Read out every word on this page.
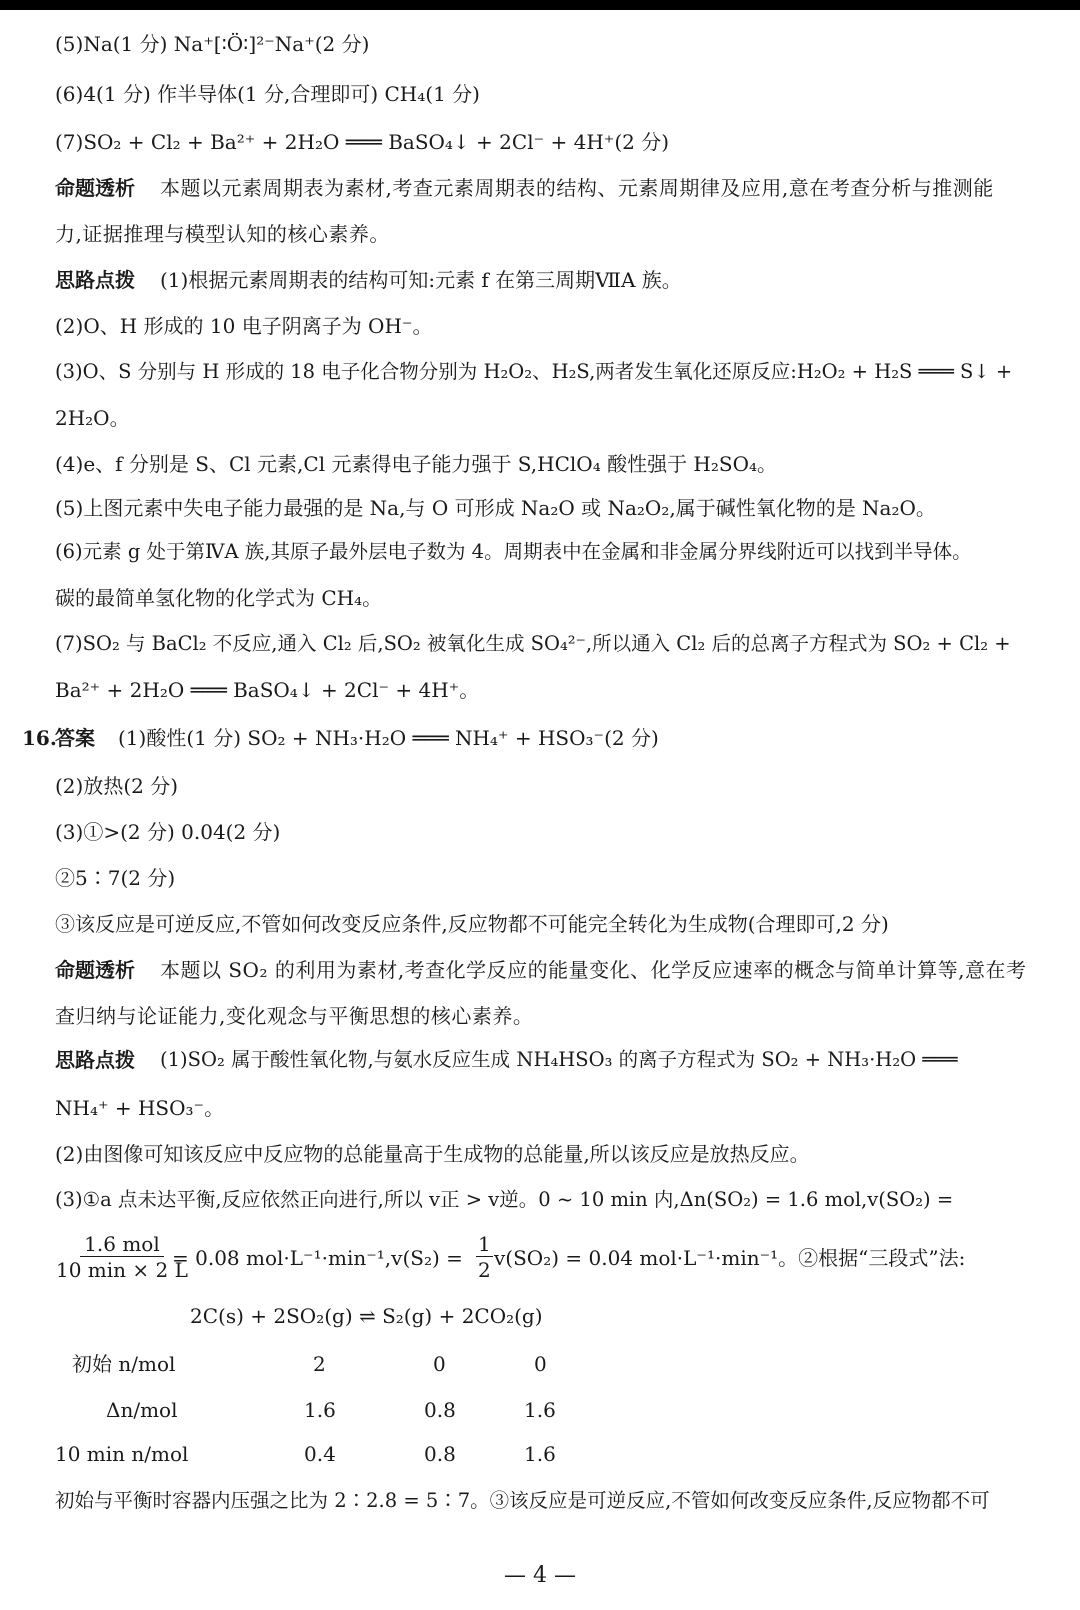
(5)Na(1 分) Na⁺[∶Ö∶]²⁻Na⁺(2 分)
(6)4(1 分) 作半导体(1 分,合理即可) CH₄(1 分)
(7)SO₂ + Cl₂ + Ba²⁺ + 2H₂O ═══ BaSO₄↓ + 2Cl⁻ + 4H⁺(2 分)
命题透析 本题以元素周期表为素材,考查元素周期表的结构、元素周期律及应用,意在考查分析与推测能
力,证据推理与模型认知的核心素养。
思路点拨 (1)根据元素周期表的结构可知:元素 f 在第三周期ⅦA 族。
(2)O、H 形成的 10 电子阴离子为 OH⁻。
(3)O、S 分别与 H 形成的 18 电子化合物分别为 H₂O₂、H₂S,两者发生氧化还原反应:H₂O₂ + H₂S ═══ S↓ +
2H₂O。
(4)e、f 分别是 S、Cl 元素,Cl 元素得电子能力强于 S,HClO₄ 酸性强于 H₂SO₄。
(5)上图元素中失电子能力最强的是 Na,与 O 可形成 Na₂O 或 Na₂O₂,属于碱性氧化物的是 Na₂O。
(6)元素 g 处于第ⅣA 族,其原子最外层电子数为 4。周期表中在金属和非金属分界线附近可以找到半导体。
碳的最简单氢化物的化学式为 CH₄。
(7)SO₂ 与 BaCl₂ 不反应,通入 Cl₂ 后,SO₂ 被氧化生成 SO₄²⁻,所以通入 Cl₂ 后的总离子方程式为 SO₂ + Cl₂ +
Ba²⁺ + 2H₂O ═══ BaSO₄↓ + 2Cl⁻ + 4H⁺。
16.
答案 (1)酸性(1 分) SO₂ + NH₃·H₂O ═══ NH₄⁺ + HSO₃⁻(2 分)
(2)放热(2 分)
(3)①>(2 分) 0.04(2 分)
②5∶7(2 分)
③该反应是可逆反应,不管如何改变反应条件,反应物都不可能完全转化为生成物(合理即可,2 分)
命题透析 本题以 SO₂ 的利用为素材,考查化学反应的能量变化、化学反应速率的概念与简单计算等,意在考
查归纳与论证能力,变化观念与平衡思想的核心素养。
思路点拨 (1)SO₂ 属于酸性氧化物,与氨水反应生成 NH₄HSO₃ 的离子方程式为 SO₂ + NH₃·H₂O ═══
NH₄⁺ + HSO₃⁻。
(2)由图像可知该反应中反应物的总能量高于生成物的总能量,所以该反应是放热反应。
(3)①a 点未达平衡,反应依然正向进行,所以 v正 > v逆。0 ~ 10 min 内,Δn(SO₂) = 1.6 mol,v(SO₂) =
1.6 mol
10 min × 2 L
= 0.08 $mol\cdot L^{-1}\cdot\min^{-1},v(S_2) = \frac{1}{2} v(SO_2) = 0.04$ mol·L⁻¹·min⁻¹。②根据“三段式”法:
2C(s) + 2SO₂(g) ⇌ S₂(g) + 2CO₂(g)
初始 n/mol	2	0	0
Δn/mol	1.6	0.8	1.6
10 min n/mol	0.4	0.8	1.6
初始与平衡时容器内压强之比为 2∶2.8 = 5∶7。③该反应是可逆反应,不管如何改变反应条件,反应物都不可
— 4 —
